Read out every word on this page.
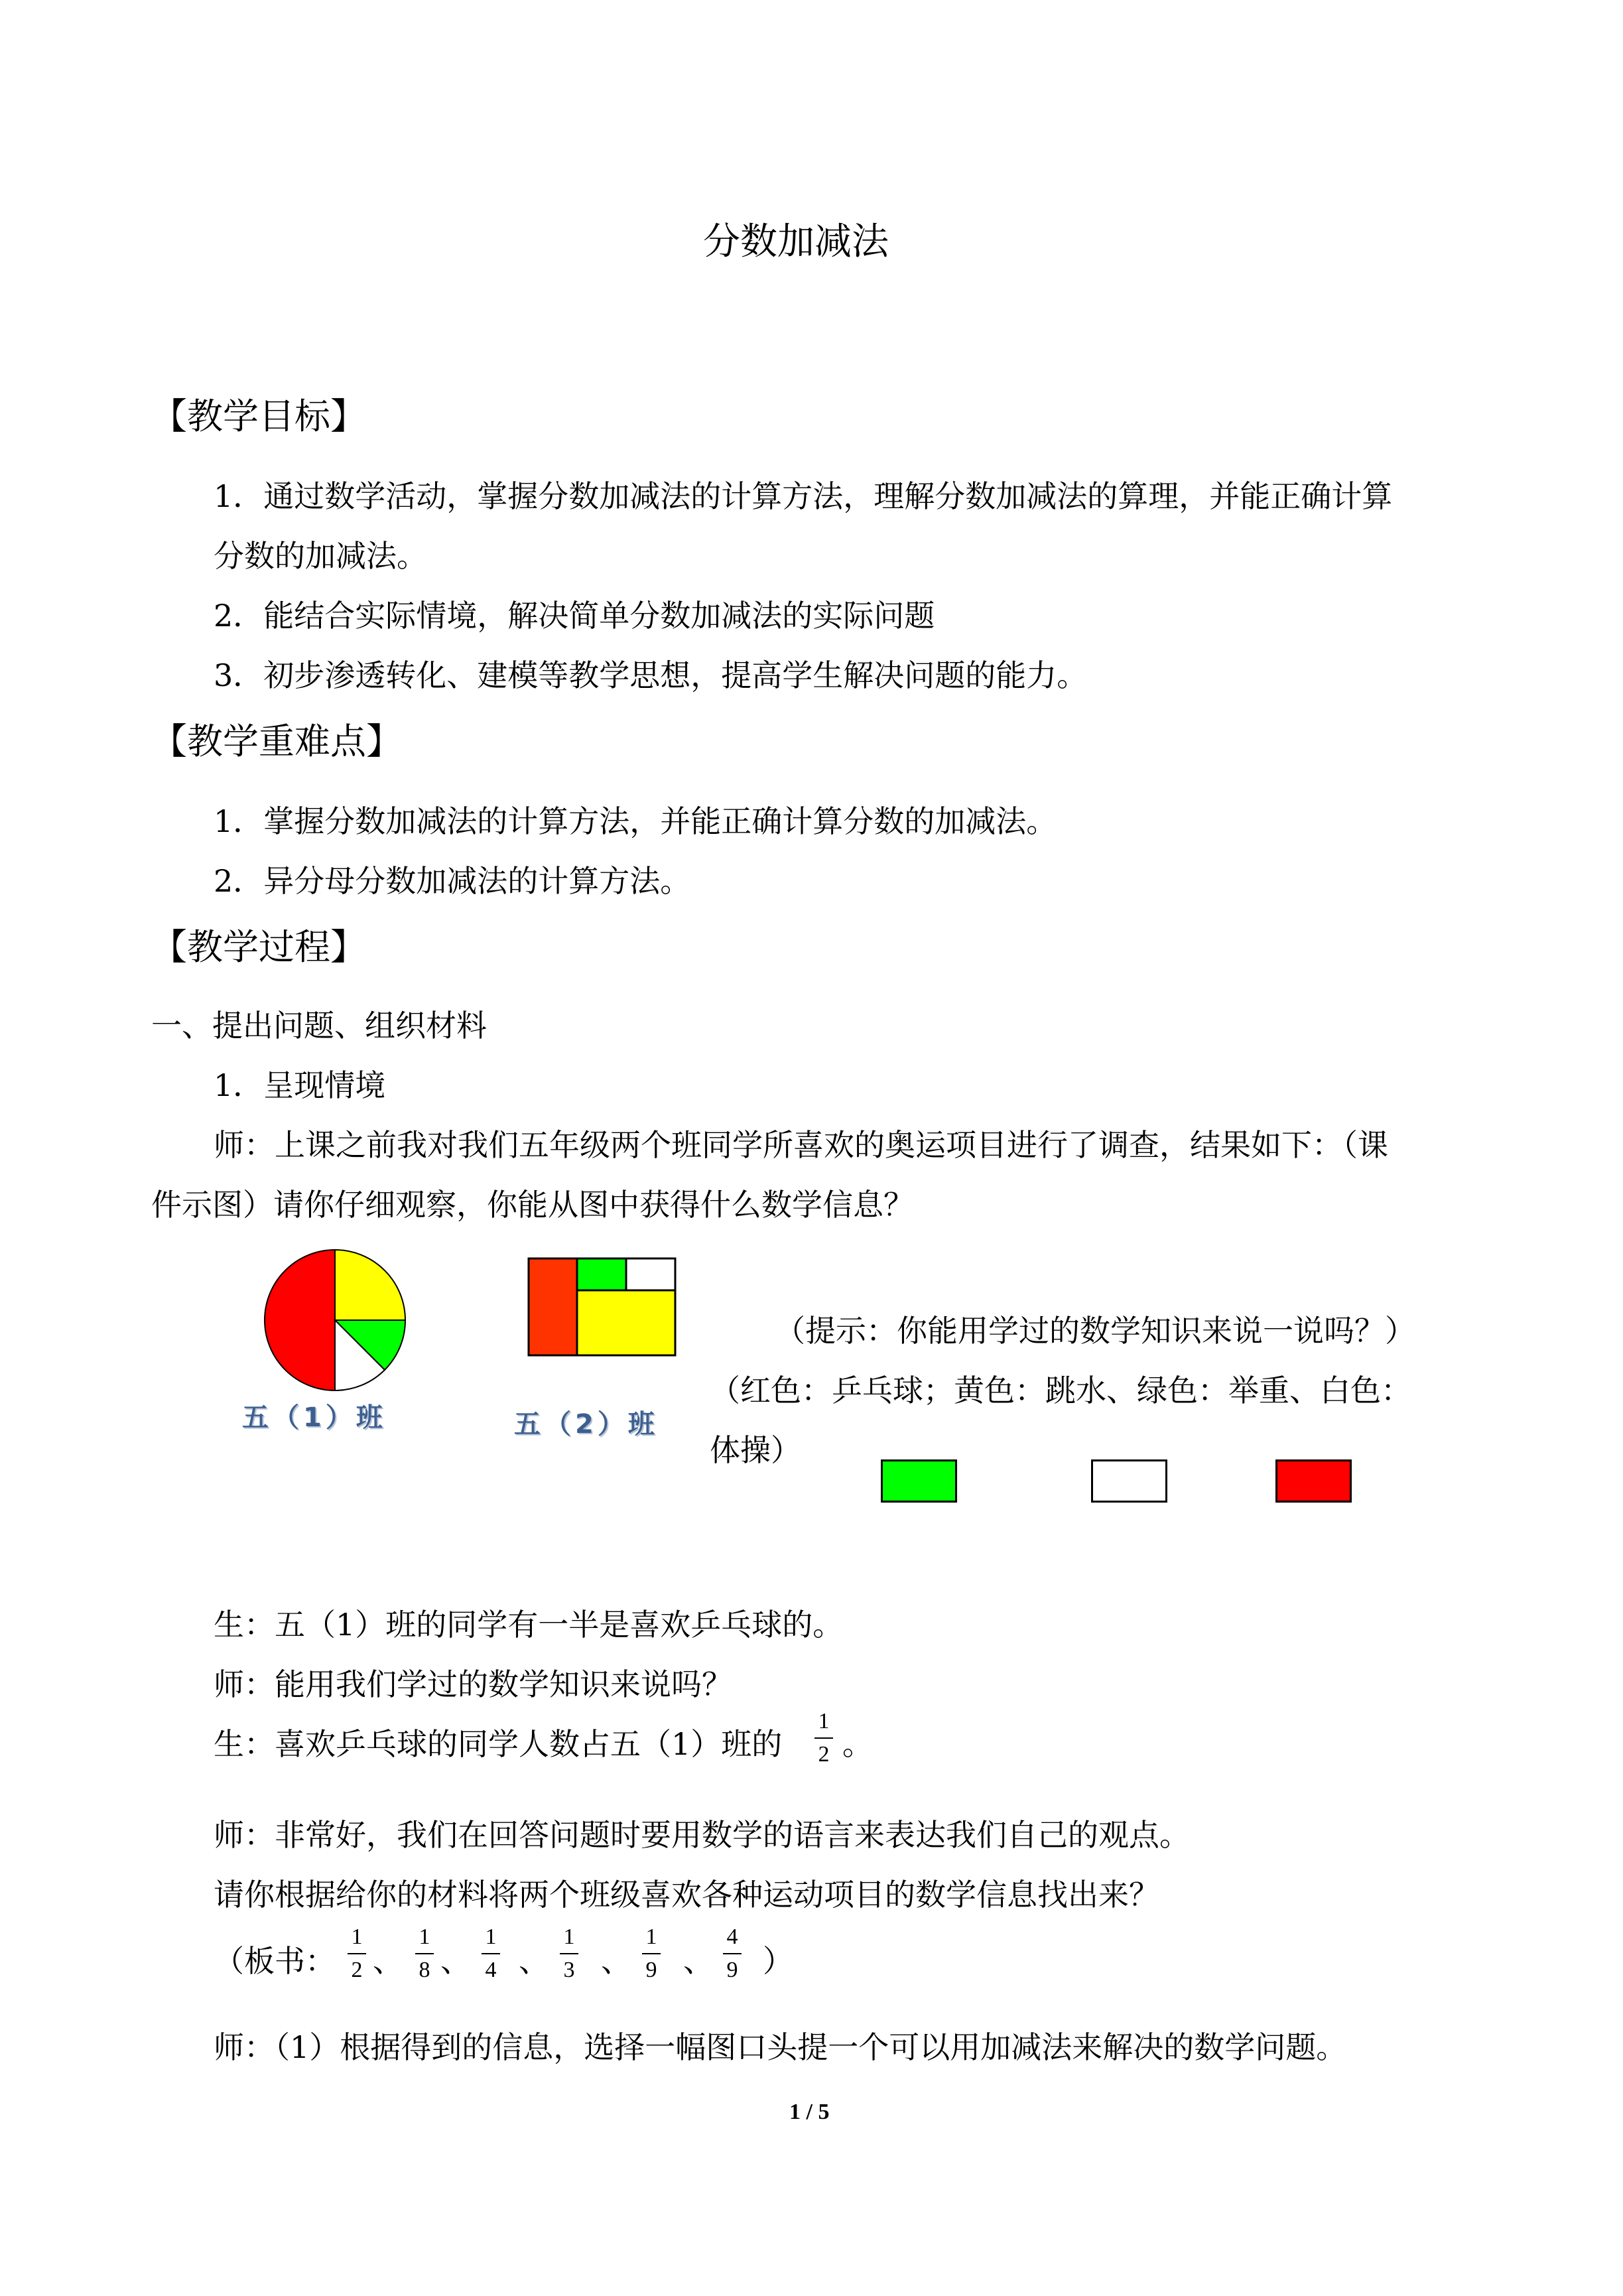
分数加减法
【教学目标】
1．通过数学活动，掌握分数加减法的计算方法，理解分数加减法的算理，并能正确计算
分数的加减法。
2．能结合实际情境，解决简单分数加减法的实际问题
3．初步渗透转化、建模等教学思想，提高学生解决问题的能力。
【教学重难点】
1．掌握分数加减法的计算方法，并能正确计算分数的加减法。
2．异分母分数加减法的计算方法。
【教学过程】
一、提出问题、组织材料
1．呈现情境
师：上课之前我对我们五年级两个班同学所喜欢的奥运项目进行了调查，结果如下：（课
件示图）请你仔细观察，你能从图中获得什么数学信息？
五（1）班	五（2）班
（提示：你能用学过的数学知识来说一说吗？）
（红色：乒乓球；黄色：跳水、绿色：举重、白色：
体操）
生：五（1）班的同学有一半是喜欢乒乓球的。
师：能用我们学过的数学知识来说吗？
生：喜欢乒乓球的同学人数占五（1）班的
1
2 。
师：非常好，我们在回答问题时要用数学的语言来表达我们自己的观点。
请你根据给你的材料将两个班级喜欢各种运动项目的数学信息找出来？
（板书：
1
2 、
1
8 、
1
4 、
1
3 、
1
9 、
4
9 ）
师：（1）根据得到的信息，选择一幅图口头提一个可以用加减法来解决的数学问题。
1 / 5
